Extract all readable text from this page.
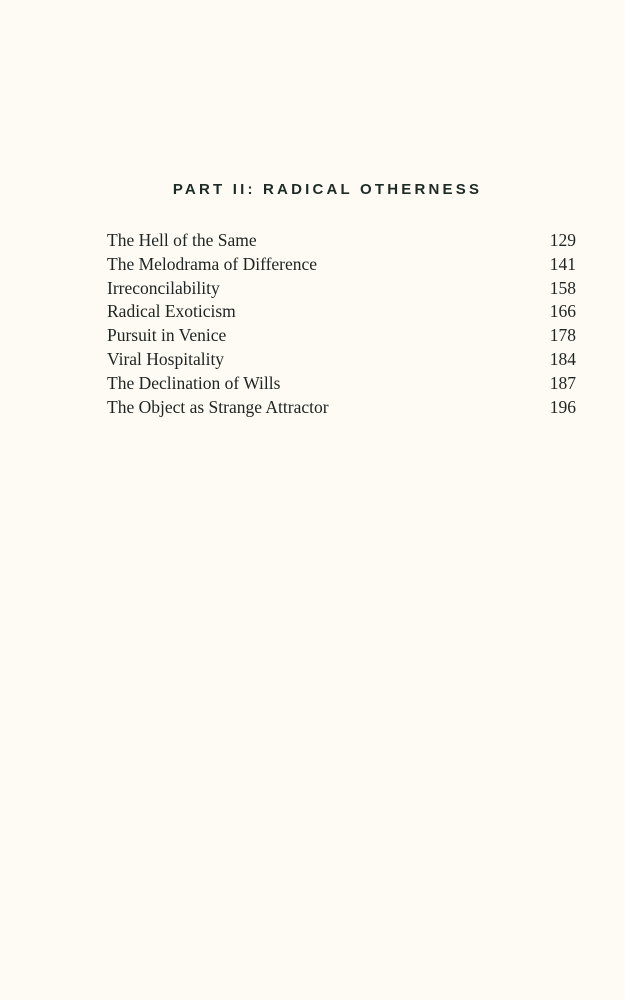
PART II: RADICAL OTHERNESS
The Hell of the Same	129
The Melodrama of Difference	141
Irreconcilability	158
Radical Exoticism	166
Pursuit in Venice	178
Viral Hospitality	184
The Declination of Wills	187
The Object as Strange Attractor	196
